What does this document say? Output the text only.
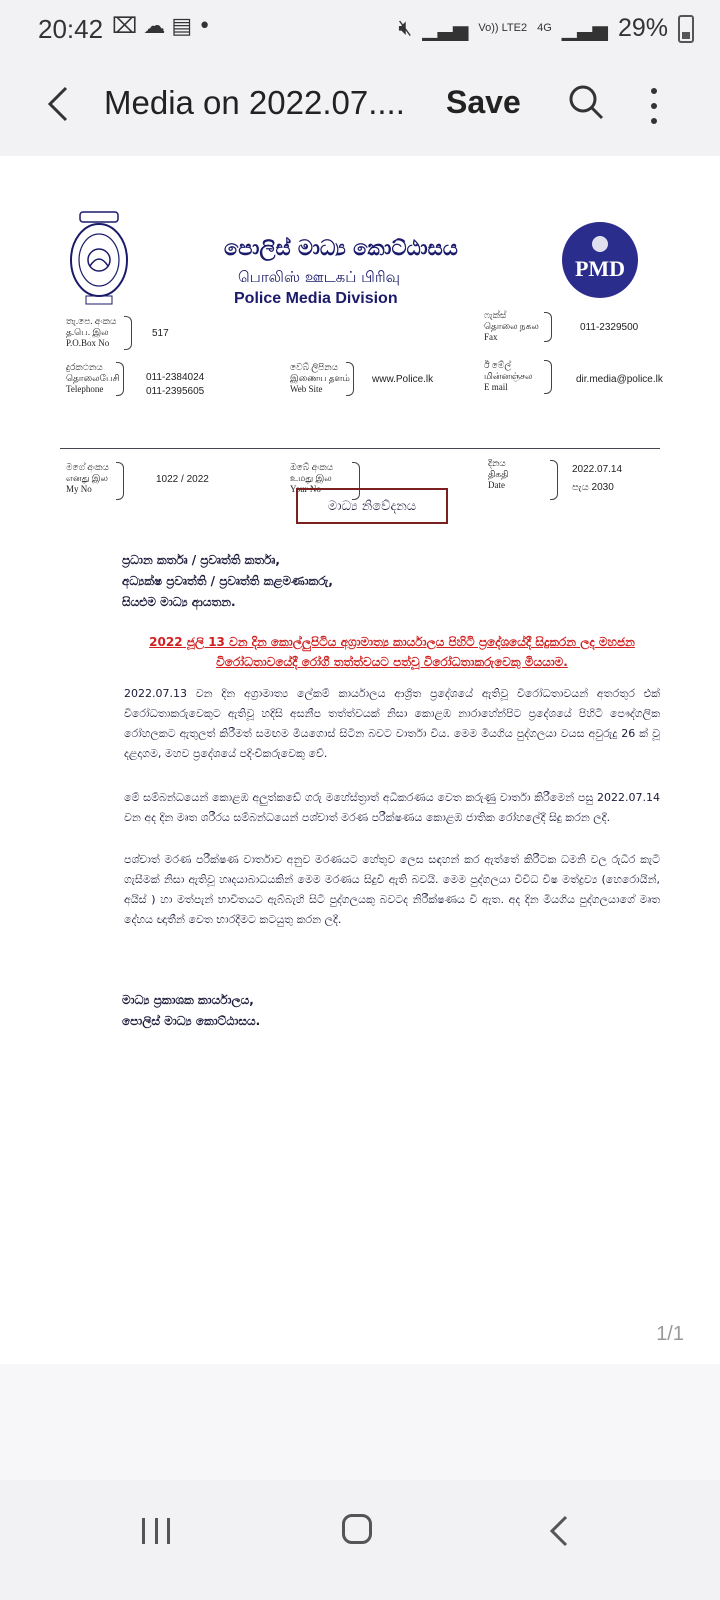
20:42 ⌧☁▤•	🔇︎ ▁▃▅ Vo)) LTE2 4G ▁▃▅ 29%
Media on 2022.07.... Save
පොලිස් මාධ්‍ය කොට්ඨාසය
பொலிஸ் ஊடகப் பிரிவு
Police Media Division
PMD
තැ.පෙ. අංකය
த.பெ. இல
P.O.Box No
517
ෆැක්ස්
தொலை நகல
Fax
011-2329500
දුරකථනය
தொலைபேசி
Telephone
011-2384024
011-2395605
වෙබ් ලිපිනය
இணைய தளம்
Web Site
www.Police.lk
ඊ මේල්
மின்னஞ்சல
E mail
dir.media@police.lk
මගේ අංකය
எனது இல
My No
1022 / 2022
ඔබේ අංකය
உமது இல
Your No
දිනය
திகதி
Date
2022.07.14
පැය 2030
මාධ්‍ය නිවේදනය
ප්‍රධාන කර්තෘ / ප්‍රවෘත්ති කර්තෘ,
අධ්‍යක්ෂ ප්‍රවෘත්ති / ප්‍රවෘත්ති කළමණාකරු,
සියළුම මාධ්‍ය ආයතන.
2022 ජූලි 13 වන දින කොල්ලුපිටිය අග්‍රාමාත්‍ය කාර්යාලය පිහිටි ප්‍රදේශයේදී සිදුකරන ලද මහජන විරෝධතාවයේදී රෝගී තත්ත්වයට පත්වූ විරෝධතාකරුවෙකු මියයාම.
2022.07.13 වන දින අග්‍රාමාත්‍ය ලේකම් කාර්යාලය ආශ්‍රිත ප්‍රදේශයේ ඇතිවූ විරෝධතාවයන් අතරතුර එක් විරෝධතාකරුවෙකුට ඇතිවූ හදිසි අසනීප තත්ත්වයක් නිසා කොළඹ නාරාහේන්පිට ප්‍රදේශයේ පිහිටි පෞද්ගලික රෝහලකට ඇතුලත් කිරීමත් සමඟම මියගොස් සිටින බවට වාර්තා විය. මෙම මියගිය පුද්ගලයා වයස අවුරුදු 26 ක් වූ දළදාගම, මහව ප්‍රදේශයේ පදිංචිකරුවෙකු වේ.
මේ සම්බන්ධයෙන් කොළඹ අලුත්කඩේ ගරු මහේස්ත්‍රාත් අධිකරණය වෙත කරුණු වාර්තා කිරීමෙන් පසු 2022.07.14 වන අද දින මෘත ශරීරය සම්බන්ධයෙන් පශ්චාත් මරණ පරීක්ෂණය කොළඹ ජාතික රෝහලේදී සිදු කරන ලදී.
පශ්චාත් මරණ පරීක්ෂණ වාර්තාව අනුව මරණයට හේතුව ලෙස සඳහන් කර ඇත්තේ කිරීටක ධමනි වල රුධිර කැටි ගැසීමක් නිසා ඇතිවූ හෘදයාබාධයකින් මෙම මරණය සිදුවී ඇති බවයි. මෙම පුද්ගලයා විවිධ විෂ මත්ද්‍රව්‍ය (හෙරොයින්, අයිස් ) හා මත්පැන් භාවිතයට ඇබ්බැහි සිටි පුද්ගලයකු බවටද නිරීක්ෂණය වී ඇත. අද දින මියගිය පුද්ගලයාගේ මෘත දේහය ඥාතීන් වෙත භාරදීමට කටයුතු කරන ලදී.
මාධ්‍ය ප්‍රකාශක කාර්යාලය,
පොලිස් මාධ්‍ය කොට්ඨාසය.
1/1
